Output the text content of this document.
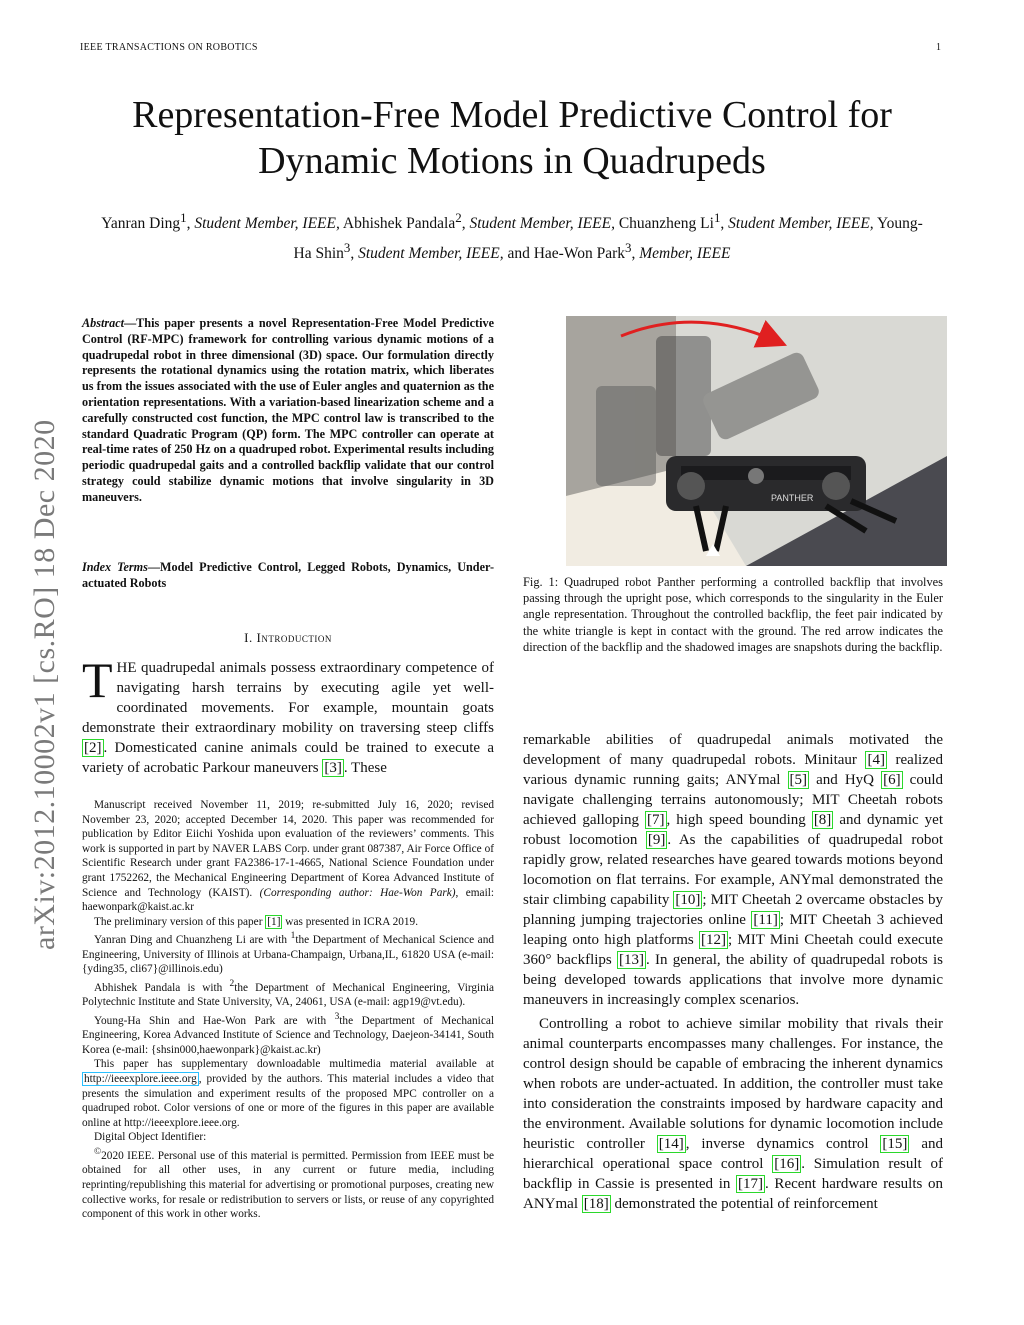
IEEE TRANSACTIONS ON ROBOTICS	1
Representation-Free Model Predictive Control for Dynamic Motions in Quadrupeds
Yanran Ding$^1$, Student Member, IEEE, Abhishek Pandala$^2$, Student Member, IEEE, Chuanzheng Li$^1$, Student Member, IEEE, Young-Ha Shin$^3$, Student Member, IEEE, and Hae-Won Park$^3$, Member, IEEE
arXiv:2012.10002v1 [cs.RO] 18 Dec 2020
Abstract—This paper presents a novel Representation-Free Model Predictive Control (RF-MPC) framework for controlling various dynamic motions of a quadrupedal robot in three dimensional (3D) space. Our formulation directly represents the rotational dynamics using the rotation matrix, which liberates us from the issues associated with the use of Euler angles and quaternion as the orientation representations. With a variation-based linearization scheme and a carefully constructed cost function, the MPC control law is transcribed to the standard Quadratic Program (QP) form. The MPC controller can operate at real-time rates of 250 Hz on a quadruped robot. Experimental results including periodic quadrupedal gaits and a controlled backflip validate that our control strategy could stabilize dynamic motions that involve singularity in 3D maneuvers.
Index Terms—Model Predictive Control, Legged Robots, Dynamics, Under-actuated Robots
I. Introduction
THE quadrupedal animals possess extraordinary competence of navigating harsh terrains by executing agile yet well-coordinated movements. For example, mountain goats demonstrate their extraordinary mobility on traversing steep cliffs [2] . Domesticated canine animals could be trained to execute a variety of acrobatic Parkour maneuvers [3] . These

Manuscript received November 11, 2019; re-submitted July 16, 2020; revised November 23, 2020; accepted December 14, 2020. This paper was recommended for publication by Editor Eiichi Yoshida upon evaluation of the reviewers’ comments. This work is supported in part by NAVER LABS Corp. under grant 087387, Air Force Office of Scientific Research under grant FA2386-17-1-4665, National Science Foundation under grant 1752262, the Mechanical Engineering Department of Korea Advanced Institute of Science and Technology (KAIST). (Corresponding author: Hae-Won Park), email: haewonpark@kaist.ac.kr

The preliminary version of this paper [1] was presented in ICRA 2019.

Yanran Ding and Chuanzheng Li are with $^1$the Department of Mechanical Science and Engineering, University of Illinois at Urbana-Champaign, Urbana,IL, 61820 USA (e-mail: {yding35, cli67}@illinois.edu)

Abhishek Pandala is with $^2$the Department of Mechanical Engineering, Virginia Polytechnic Institute and State University, VA, 24061, USA (e-mail: agp19@vt.edu).

Young-Ha Shin and Hae-Won Park are with $^3$the Department of Mechanical Engineering, Korea Advanced Institute of Science and Technology, Daejeon-34141, South Korea (e-mail: {shsin000,haewonpark}@kaist.ac.kr)

This paper has supplementary downloadable multimedia material available at http://ieeexplore.ieee.org , provided by the authors. This material includes a video that presents the simulation and experiment results of the proposed MPC controller on a quadruped robot. Color versions of one or more of the figures in this paper are available online at http://ieeexplore.ieee.org.

Digital Object Identifier:

©2020 IEEE. Personal use of this material is permitted. Permission from IEEE must be obtained for all other uses, in any current or future media, including reprinting/republishing this material for advertising or promotional purposes, creating new collective works, for resale or redistribution to servers or lists, or reuse of any copyrighted component of this work in other works.

PANTHER
Fig. 1: Quadruped robot Panther performing a controlled backflip that involves passing through the upright pose, which corresponds to the singularity in the Euler angle representation. Throughout the controlled backflip, the feet pair indicated by the white triangle is kept in contact with the ground. The red arrow indicates the direction of the backflip and the shadowed images are snapshots during the backflip.

remarkable abilities of quadrupedal animals motivated the development of many quadrupedal robots. Minitaur [4] realized various dynamic running gaits; ANYmal [5] and HyQ [6] could navigate challenging terrains autonomously; MIT Cheetah robots achieved galloping [7] , high speed bounding [8] and dynamic yet robust locomotion [9] . As the capabilities of quadrupedal robot rapidly grow, related researches have geared towards motions beyond locomotion on flat terrains. For example, ANYmal demonstrated the stair climbing capability [10] ; MIT Cheetah 2 overcame obstacles by planning jumping trajectories online [11] ; MIT Cheetah 3 achieved leaping onto high platforms [12] ; MIT Mini Cheetah could execute 360° backflips [13] . In general, the ability of quadrupedal robots is being developed towards applications that involve more dynamic maneuvers in increasingly complex scenarios.

Controlling a robot to achieve similar mobility that rivals their animal counterparts encompasses many challenges. For instance, the control design should be capable of embracing the inherent dynamics when robots are under-actuated. In addition, the controller must take into consideration the constraints imposed by hardware capacity and the environment. Available solutions for dynamic locomotion include heuristic controller [14] , inverse dynamics control [15] and hierarchical operational space control [16] . Simulation result of backflip in Cassie is presented in [17] . Recent hardware results on ANYmal [18] demonstrated the potential of reinforcement
